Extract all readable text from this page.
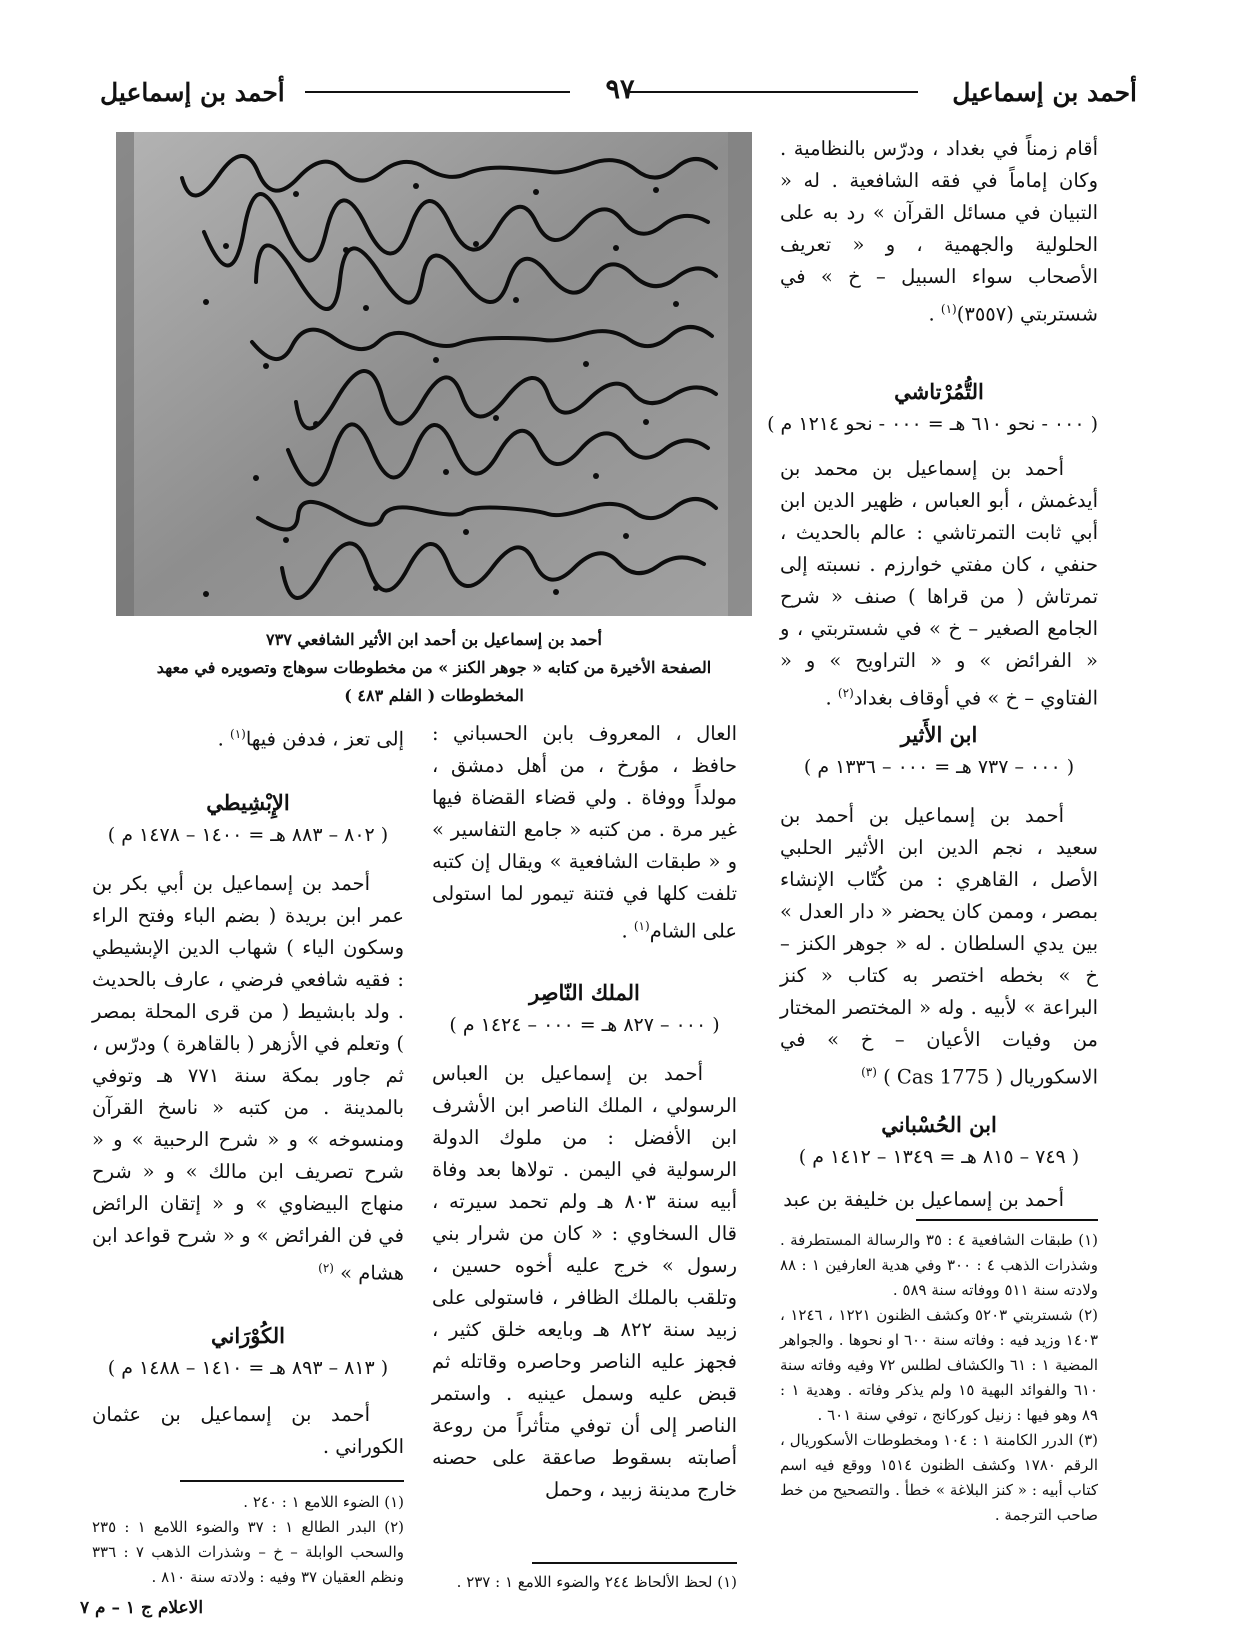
أحمد بن إسماعيل
٩٧
أحمد بن إسماعيل
أحمد بن إسماعيل بن أحمد ابن الأثير الشافعي ٧٣٧
الصفحة الأخيرة من كتابه « جوهر الكنز » من مخطوطات سوهاج وتصويره في معهد المخطوطات ( الفلم ٤٨٣ )

أقام زمناً في بغداد ، ودرّس بالنظامية . وكان إماماً في فقه الشافعية . له « التبيان في مسائل القرآن » رد به على الحلولية والجهمية ، و « تعريف الأصحاب سواء السبيل – خ » في شستربتي (٣٥٥٧)$^{(١)}$ .

التُّمُرْتاشي
( ٠٠٠ - نحو ٦١٠ هـ = ٠٠٠ - نحو ١٢١٤ م )

أحمد بن إسماعيل بن محمد بن أيدغمش ، أبو العباس ، ظهير الدين ابن أبي ثابت التمرتاشي : عالم بالحديث ، حنفي ، كان مفتي خوارزم . نسبته إلى تمرتاش ( من قراها ) صنف « شرح الجامع الصغير – خ » في شستربتي ، و « الفرائض » و « التراويح » و « الفتاوي – خ » في أوقاف بغداد$^{(٢)}$ .

ابن الأَثير
( ٠٠٠ – ٧٣٧ هـ = ٠٠٠ – ١٣٣٦ م )

أحمد بن إسماعيل بن أحمد بن سعيد ، نجم الدين ابن الأثير الحلبي الأصل ، القاهري : من كُتّاب الإنشاء بمصر ، وممن كان يحضر « دار العدل » بين يدي السلطان . له « جوهر الكنز – خ » بخطه اختصر به كتاب « كنز البراعة » لأبيه . وله « المختصر المختار من وفيات الأعيان – خ » في الاسكوريال ( Cas 1775 ) $^{(٣)}$

ابن الحُسْباني
( ٧٤٩ – ٨١٥ هـ = ١٣٤٩ – ١٤١٢ م )

أحمد بن إسماعيل بن خليفة بن عبد

العال ، المعروف بابن الحسباني : حافظ ، مؤرخ ، من أهل دمشق ، مولداً ووفاة . ولي قضاء القضاة فيها غير مرة . من كتبه « جامع التفاسير » و « طبقات الشافعية » ويقال إن كتبه تلفت كلها في فتنة تيمور لما استولى على الشام$^{(١)}$ .

الملك النّاصِر
( ٠٠٠ – ٨٢٧ هـ = ٠٠٠ – ١٤٢٤ م )

أحمد بن إسماعيل بن العباس الرسولي ، الملك الناصر ابن الأشرف ابن الأفضل : من ملوك الدولة الرسولية في اليمن . تولاها بعد وفاة أبيه سنة ٨٠٣ هـ ولم تحمد سيرته ، قال السخاوي : « كان من شرار بني رسول » خرج عليه أخوه حسين ، وتلقب بالملك الظافر ، فاستولى على زبيد سنة ٨٢٢ هـ وبايعه خلق كثير ، فجهز عليه الناصر وحاصره وقاتله ثم قبض عليه وسمل عينيه . واستمر الناصر إلى أن توفي متأثراً من روعة أصابته بسقوط صاعقة على حصنه خارج مدينة زبيد ، وحمل

إلى تعز ، فدفن فيها$^{(١)}$ .

الإِبْشِيطي
( ٨٠٢ – ٨٨٣ هـ = ١٤٠٠ – ١٤٧٨ م )

أحمد بن إسماعيل بن أبي بكر بن عمر ابن بريدة ( بضم الباء وفتح الراء وسكون الياء ) شهاب الدين الإبشيطي : فقيه شافعي فرضي ، عارف بالحديث . ولد بابشيط ( من قرى المحلة بمصر ) وتعلم في الأزهر ( بالقاهرة ) ودرّس ، ثم جاور بمكة سنة ٧٧١ هـ وتوفي بالمدينة . من كتبه « ناسخ القرآن ومنسوخه » و « شرح الرحبية » و « شرح تصريف ابن مالك » و « شرح منهاج البيضاوي » و « إتقان الرائض في فن الفرائض » و « شرح قواعد ابن هشام » $^{(٢)}$

الكُوْرَاني
( ٨١٣ – ٨٩٣ هـ = ١٤١٠ – ١٤٨٨ م )

أحمد بن إسماعيل بن عثمان الكوراني .

(١) طبقات الشافعية ٤ : ٣٥ والرسالة المستطرفة . وشذرات الذهب ٤ : ٣٠٠ وفي هدية العارفين ١ : ٨٨ ولادته سنة ٥١١ ووفاته سنة ٥٨٩ .

(٢) شستربتي ٥٢٠٣ وكشف الظنون ١٢٢١ ، ١٢٤٦ ، ١٤٠٣ وزيد فيه : وفاته سنة ٦٠٠ او نحوها . والجواهر المضية ١ : ٦١ والكشاف لطلس ٧٢ وفيه وفاته سنة ٦١٠ والفوائد البهية ١٥ ولم يذكر وفاته . وهدية ١ : ٨٩ وهو فيها : زنيل كوركانج ، توفي سنة ٦٠١ .

(٣) الدرر الكامنة ١ : ١٠٤ ومخطوطات الأسكوريال ، الرقم ١٧٨٠ وكشف الظنون ١٥١٤ ووقع فيه اسم كتاب أبيه : « كنز البلاغة » خطأ . والتصحيح من خط صاحب الترجمة .

(١) لحظ الألحاظ ٢٤٤ والضوء اللامع ١ : ٢٣٧ .

(١) الضوء اللامع ١ : ٢٤٠ .

(٢) البدر الطالع ١ : ٣٧ والضوء اللامع ١ : ٢٣٥ والسحب الوابلة – خ – وشذرات الذهب ٧ : ٣٣٦ ونظم العقيان ٣٧ وفيه : ولادته سنة ٨١٠ .

الاعلام ج ١ – م ٧
